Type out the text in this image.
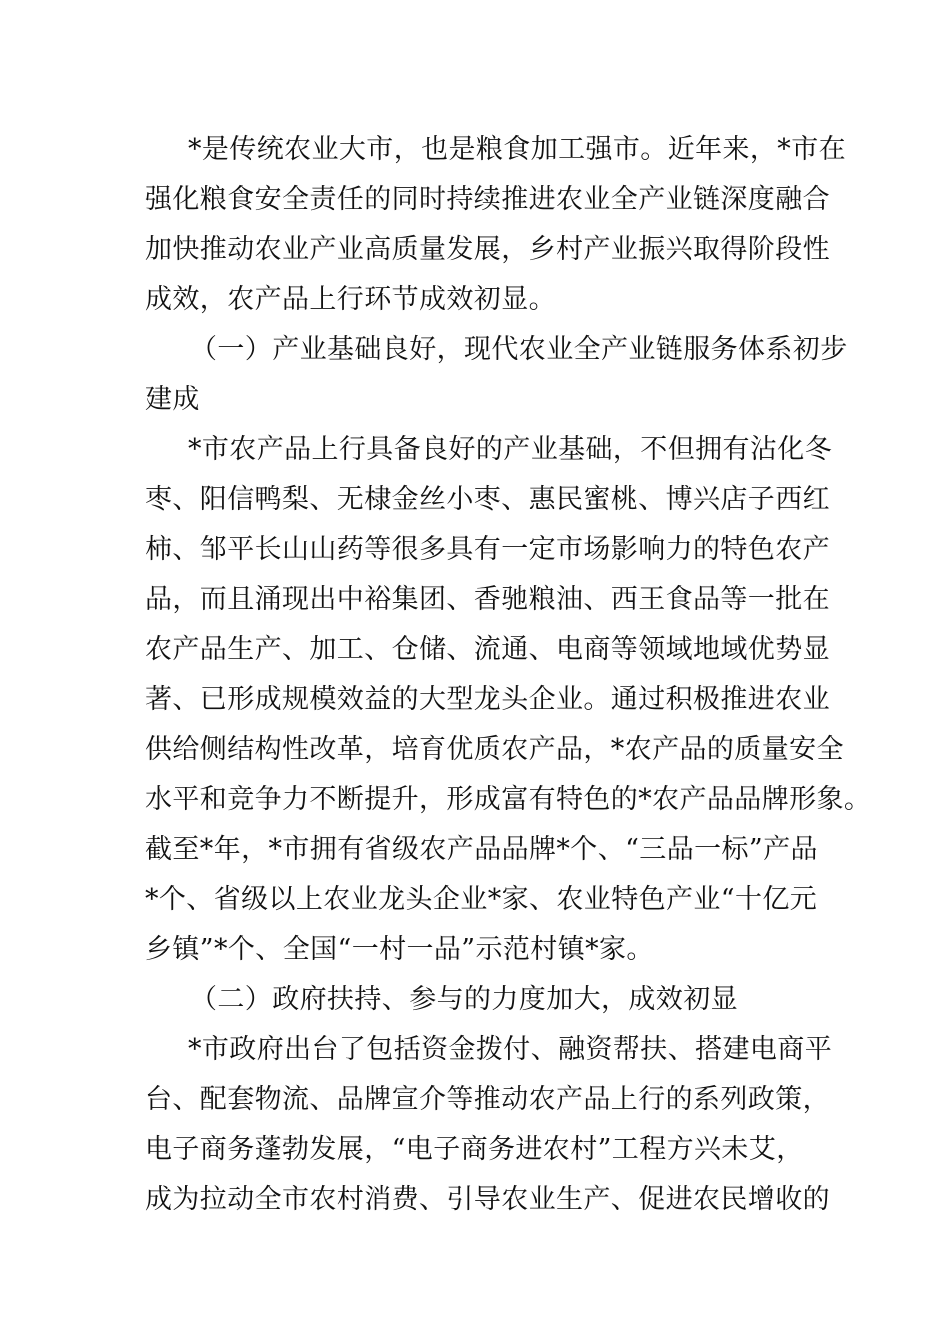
*是传统农业大市，也是粮食加工强市。近年来，*市在
强化粮食安全责任的同时持续推进农业全产业链深度融合
加快推动农业产业高质量发展，乡村产业振兴取得阶段性
成效，农产品上行环节成效初显。
（一）产业基础良好，现代农业全产业链服务体系初步
建成
*市农产品上行具备良好的产业基础，不但拥有沾化冬
枣、阳信鸭梨、无棣金丝小枣、惠民蜜桃、博兴店子西红
柿、邹平长山山药等很多具有一定市场影响力的特色农产
品，而且涌现出中裕集团、香驰粮油、西王食品等一批在
农产品生产、加工、仓储、流通、电商等领域地域优势显
著、已形成规模效益的大型龙头企业。通过积极推进农业
供给侧结构性改革，培育优质农产品，*农产品的质量安全
水平和竞争力不断提升，形成富有特色的*农产品品牌形象。
截至*年，*市拥有省级农产品品牌*个、“三品一标”产品
*个、省级以上农业龙头企业*家、农业特色产业“十亿元
乡镇”*个、全国“一村一品”示范村镇*家。
（二）政府扶持、参与的力度加大，成效初显
*市政府出台了包括资金拨付、融资帮扶、搭建电商平
台、配套物流、品牌宣介等推动农产品上行的系列政策，
电子商务蓬勃发展，“电子商务进农村”工程方兴未艾，
成为拉动全市农村消费、引导农业生产、促进农民增收的
